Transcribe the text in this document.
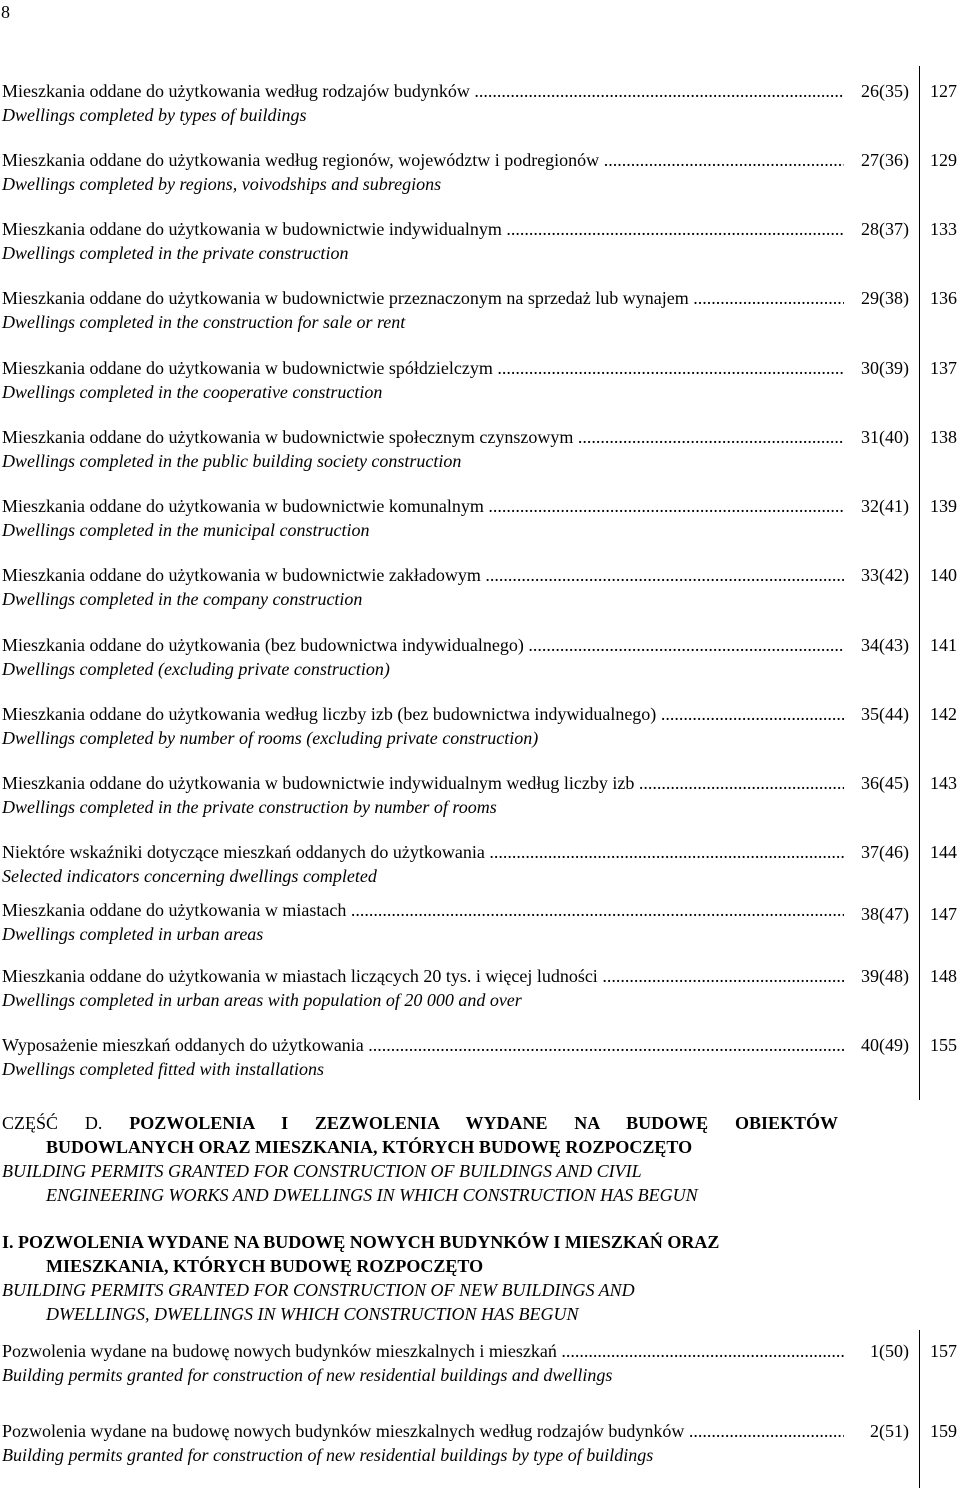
8
Mieszkania oddane do użytkowania według rodzajów budynków .....
Dwellings completed by types of buildings
26(35) 127
Mieszkania oddane do użytkowania według regionów, województw i podregionów .....
Dwellings completed by regions, voivodships and subregions
27(36) 129
Mieszkania oddane do użytkowania w budownictwie indywidualnym .....
Dwellings completed in the private construction
28(37) 133
Mieszkania oddane do użytkowania w budownictwie przeznaczonym na sprzedaż lub wynajem .....
Dwellings completed in the construction for sale or rent
29(38) 136
Mieszkania oddane do użytkowania w budownictwie spółdzielczym .....
Dwellings completed in the cooperative construction
30(39) 137
Mieszkania oddane do użytkowania w budownictwie społecznym czynszowym .....
Dwellings completed in the public building society construction
31(40) 138
Mieszkania oddane do użytkowania w budownictwie komunalnym .....
Dwellings completed in the municipal construction
32(41) 139
Mieszkania oddane do użytkowania w budownictwie zakładowym .....
Dwellings completed in the company construction
33(42) 140
Mieszkania oddane do użytkowania (bez budownictwa indywidualnego) .....
Dwellings completed (excluding private construction)
34(43) 141
Mieszkania oddane do użytkowania według liczby izb (bez budownictwa indywidualnego) .....
Dwellings completed by number of rooms (excluding private construction)
35(44) 142
Mieszkania oddane do użytkowania w budownictwie indywidualnym według liczby izb .....
Dwellings completed in the private construction by number of rooms
36(45) 143
Niektóre wskaźniki dotyczące mieszkań oddanych do użytkowania .....
Selected indicators concerning dwellings completed
37(46) 144
Mieszkania oddane do użytkowania w miastach .....
Dwellings completed in urban areas
38(47) 147
Mieszkania oddane do użytkowania w miastach liczących 20 tys. i więcej ludności .....
Dwellings completed in urban areas with population of 20 000 and over
39(48) 148
Wyposażenie mieszkań oddanych do użytkowania .....
Dwellings completed fitted with installations
40(49) 155
CZĘŚĆ D. POZWOLENIA I ZEZWOLENIA WYDANE NA BUDOWĘ OBIEKTÓW
BUDOWLANYCH ORAZ MIESZKANIA, KTÓRYCH BUDOWĘ ROZPOCZĘTO
BUILDING PERMITS GRANTED FOR CONSTRUCTION OF BUILDINGS AND CIVIL
ENGINEERING WORKS AND DWELLINGS IN WHICH CONSTRUCTION HAS BEGUN
I. POZWOLENIA WYDANE NA BUDOWĘ NOWYCH BUDYNKÓW I MIESZKAŃ ORAZ
MIESZKANIA, KTÓRYCH BUDOWĘ ROZPOCZĘTO
BUILDING PERMITS GRANTED FOR CONSTRUCTION OF NEW BUILDINGS AND
DWELLINGS, DWELLINGS IN WHICH CONSTRUCTION HAS BEGUN
Pozwolenia wydane na budowę nowych budynków mieszkalnych i mieszkań .....
Building permits granted for construction of new residential buildings and dwellings
1(50) 157
Pozwolenia wydane na budowę nowych budynków mieszkalnych według rodzajów budynków .....
Building permits granted for construction of new residential buildings by type of buildings
2(51) 159
